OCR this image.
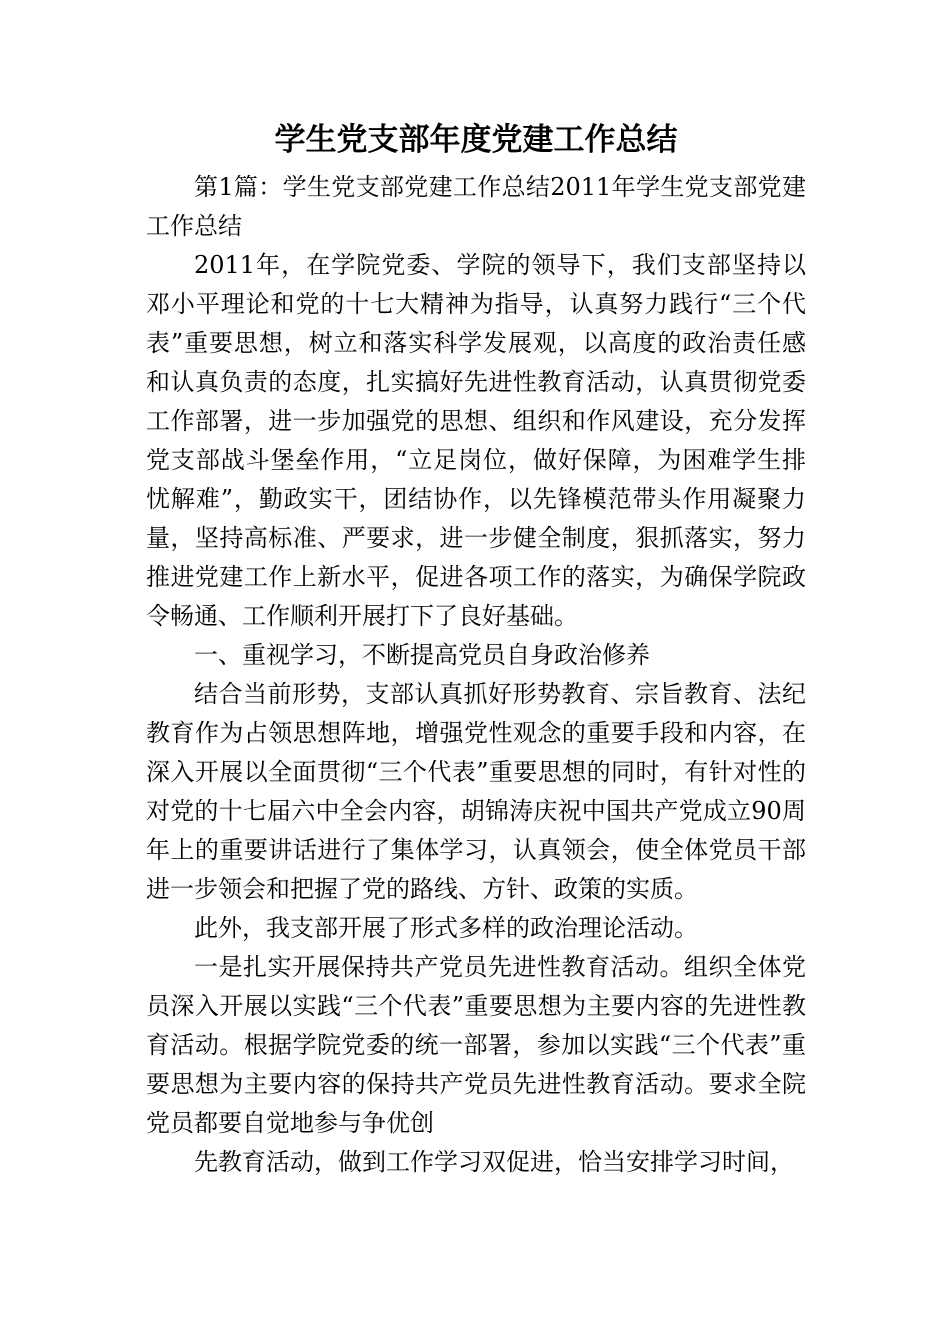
学生党支部年度党建工作总结

第1篇：学生党支部党建工作总结2011年学生党支部党建工作总结

2011年，在学院党委、学院的领导下，我们支部坚持以邓小平理论和党的十七大精神为指导，认真努力践行“三个代表”重要思想，树立和落实科学发展观，以高度的政治责任感和认真负责的态度，扎实搞好先进性教育活动，认真贯彻党委工作部署，进一步加强党的思想、组织和作风建设，充分发挥党支部战斗堡垒作用，“立足岗位，做好保障，为困难学生排忧解难”，勤政实干，团结协作，以先锋模范带头作用凝聚力量，坚持高标准、严要求，进一步健全制度，狠抓落实，努力推进党建工作上新水平，促进各项工作的落实，为确保学院政令畅通、工作顺利开展打下了良好基础。

一、重视学习，不断提高党员自身政治修养

结合当前形势，支部认真抓好形势教育、宗旨教育、法纪教育作为占领思想阵地，增强党性观念的重要手段和内容，在深入开展以全面贯彻“三个代表”重要思想的同时，有针对性的对党的十七届六中全会内容，胡锦涛庆祝中国共产党成立90周年上的重要讲话进行了集体学习，认真领会，使全体党员干部进一步领会和把握了党的路线、方针、政策的实质。

此外，我支部开展了形式多样的政治理论活动。

一是扎实开展保持共产党员先进性教育活动。组织全体党员深入开展以实践“三个代表”重要思想为主要内容的先进性教育活动。根据学院党委的统一部署，参加以实践“三个代表”重要思想为主要内容的保持共产党员先进性教育活动。要求全院党员都要自觉地参与争优创

先教育活动，做到工作学习双促进，恰当安排学习时间，
